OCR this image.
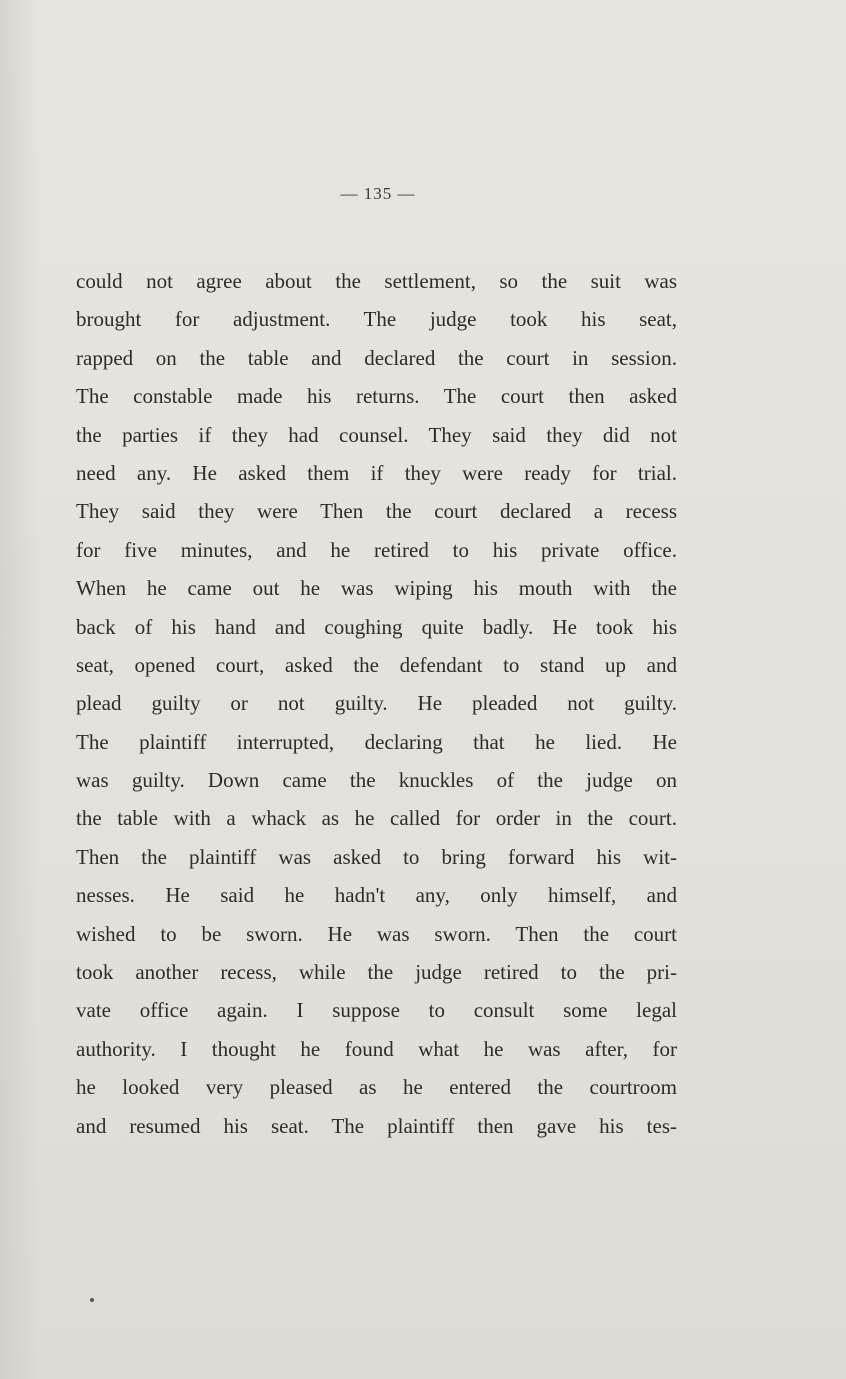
— 135 —
could not agree about the settlement, so the suit was
brought for adjustment. The judge took his seat,
rapped on the table and declared the court in session.
The constable made his returns. The court then asked
the parties if they had counsel. They said they did not
need any. He asked them if they were ready for trial.
They said they were Then the court declared a recess
for five minutes, and he retired to his private office.
When he came out he was wiping his mouth with the
back of his hand and coughing quite badly. He took his
seat, opened court, asked the defendant to stand up and
plead guilty or not guilty. He pleaded not guilty.
The plaintiff interrupted, declaring that he lied. He
was guilty. Down came the knuckles of the judge on
the table with a whack as he called for order in the court.
Then the plaintiff was asked to bring forward his wit-
nesses. He said he hadn't any, only himself, and
wished to be sworn. He was sworn. Then the court
took another recess, while the judge retired to the pri-
vate office again. I suppose to consult some legal
authority. I thought he found what he was after, for
he looked very pleased as he entered the courtroom
and resumed his seat. The plaintiff then gave his tes-
